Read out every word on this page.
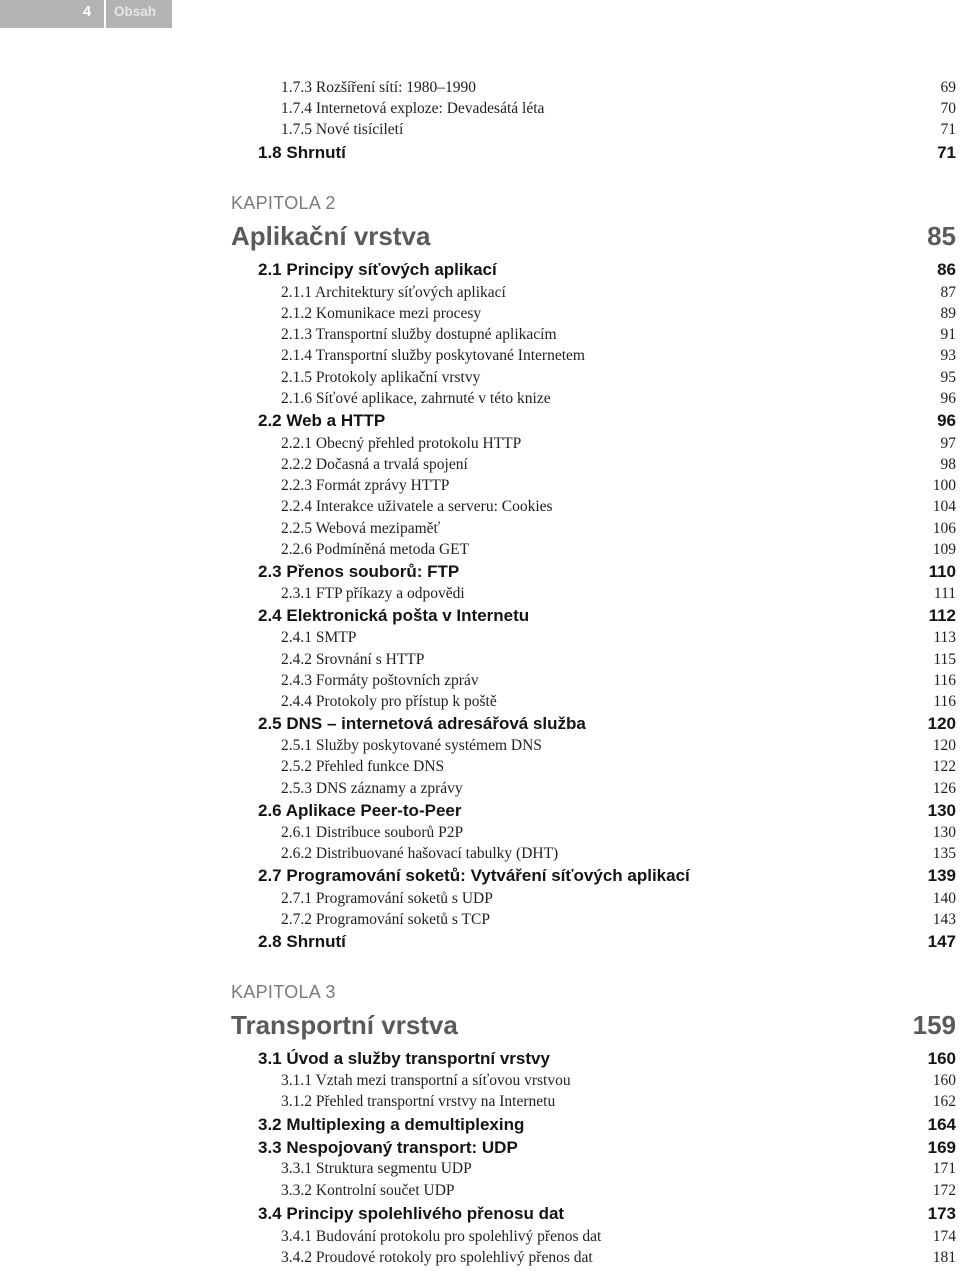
4	Obsah
1.7.3 Rozšíření sítí: 1980–1990	69
1.7.4 Internetová exploze: Devadesátá léta	70
1.7.5 Nové tisíciletí	71
1.8 Shrnutí	71
KAPITOLA 2
Aplikační vrstva	85
2.1 Principy síťových aplikací	86
2.1.1 Architektury síťových aplikací	87
2.1.2 Komunikace mezi procesy	89
2.1.3 Transportní služby dostupné aplikacím	91
2.1.4 Transportní služby poskytované Internetem	93
2.1.5 Protokoly aplikační vrstvy	95
2.1.6 Síťové aplikace, zahrnuté v této knize	96
2.2 Web a HTTP	96
2.2.1 Obecný přehled protokolu HTTP	97
2.2.2 Dočasná a trvalá spojení	98
2.2.3 Formát zprávy HTTP	100
2.2.4 Interakce uživatele a serveru: Cookies	104
2.2.5 Webová mezipaměť	106
2.2.6 Podmíněná metoda GET	109
2.3 Přenos souborů: FTP	110
2.3.1 FTP příkazy a odpovědi	111
2.4 Elektronická pošta v Internetu	112
2.4.1 SMTP	113
2.4.2 Srovnání s HTTP	115
2.4.3 Formáty poštovních zpráv	116
2.4.4 Protokoly pro přístup k poště	116
2.5 DNS – internetová adresářová služba	120
2.5.1 Služby poskytované systémem DNS	120
2.5.2 Přehled funkce DNS	122
2.5.3 DNS záznamy a zprávy	126
2.6 Aplikace Peer-to-Peer	130
2.6.1 Distribuce souborů P2P	130
2.6.2 Distribuované hašovací tabulky (DHT)	135
2.7 Programování soketů: Vytváření síťových aplikací	139
2.7.1 Programování soketů s UDP	140
2.7.2 Programování soketů s TCP	143
2.8 Shrnutí	147
KAPITOLA 3
Transportní vrstva	159
3.1 Úvod a služby transportní vrstvy	160
3.1.1 Vztah mezi transportní a síťovou vrstvou	160
3.1.2 Přehled transportní vrstvy na Internetu	162
3.2 Multiplexing a demultiplexing	164
3.3 Nespojovaný transport: UDP	169
3.3.1 Struktura segmentu UDP	171
3.3.2 Kontrolní součet UDP	172
3.4 Principy spolehlivého přenosu dat	173
3.4.1 Budování protokolu pro spolehlivý přenos dat	174
3.4.2 Proudové rotokoly pro spolehlivý přenos dat	181
